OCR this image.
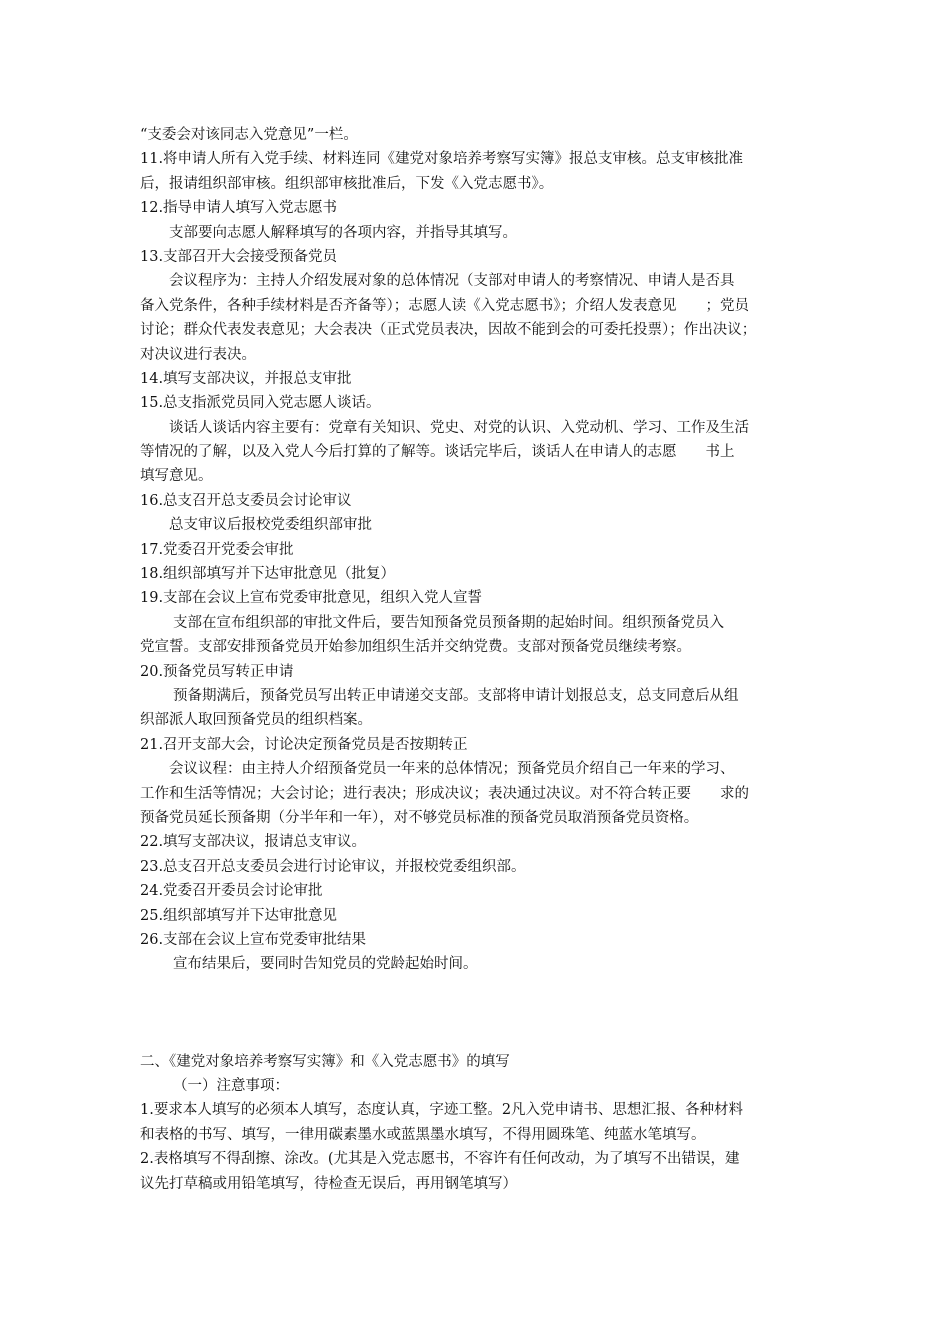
“支委会对该同志入党意见”一栏。
11.将申请人所有入党手续、材料连同《建党对象培养考察写实簿》报总支审核。总支审核批准
后，报请组织部审核。组织部审核批准后，下发《入党志愿书》。
12.指导申请人填写入党志愿书
支部要向志愿人解释填写的各项内容，并指导其填写。
13.支部召开大会接受预备党员
会议程序为：主持人介绍发展对象的总体情况（支部对申请人的考察情况、申请人是否具
备入党条件，各种手续材料是否齐备等）；志愿人读《入党志愿书》；介绍人发表意见　　；党员
讨论；群众代表发表意见；大会表决（正式党员表决，因故不能到会的可委托投票）；作出决议；
对决议进行表决。
14.填写支部决议，并报总支审批
15.总支指派党员同入党志愿人谈话。
谈话人谈话内容主要有：党章有关知识、党史、对党的认识、入党动机、学习、工作及生活
等情况的了解，以及入党人今后打算的了解等。谈话完毕后，谈话人在申请人的志愿　　书上
填写意见。
16.总支召开总支委员会讨论审议
总支审议后报校党委组织部审批
17.党委召开党委会审批
18.组织部填写并下达审批意见（批复）
19.支部在会议上宣布党委审批意见，组织入党人宣誓
支部在宣布组织部的审批文件后，要告知预备党员预备期的起始时间。组织预备党员入
党宣誓。支部安排预备党员开始参加组织生活并交纳党费。支部对预备党员继续考察。
20.预备党员写转正申请
预备期满后，预备党员写出转正申请递交支部。支部将申请计划报总支，总支同意后从组
织部派人取回预备党员的组织档案。
21.召开支部大会，讨论决定预备党员是否按期转正
会议议程：由主持人介绍预备党员一年来的总体情况；预备党员介绍自己一年来的学习、
工作和生活等情况；大会讨论；进行表决；形成决议；表决通过决议。对不符合转正要　　求的
预备党员延长预备期（分半年和一年），对不够党员标准的预备党员取消预备党员资格。
22.填写支部决议，报请总支审议。
23.总支召开总支委员会进行讨论审议，并报校党委组织部。
24.党委召开委员会讨论审批
25.组织部填写并下达审批意见
26.支部在会议上宣布党委审批结果
宣布结果后，要同时告知党员的党龄起始时间。
二、《建党对象培养考察写实簿》和《入党志愿书》的填写
（一）注意事项：
1.要求本人填写的必须本人填写，态度认真，字迹工整。2凡入党申请书、思想汇报、各种材料
和表格的书写、填写，一律用碳素墨水或蓝黑墨水填写，不得用圆珠笔、纯蓝水笔填写。
2.表格填写不得刮擦、涂改。(尤其是入党志愿书，不容许有任何改动，为了填写不出错误，建
议先打草稿或用铅笔填写，待检查无误后，再用钢笔填写）
